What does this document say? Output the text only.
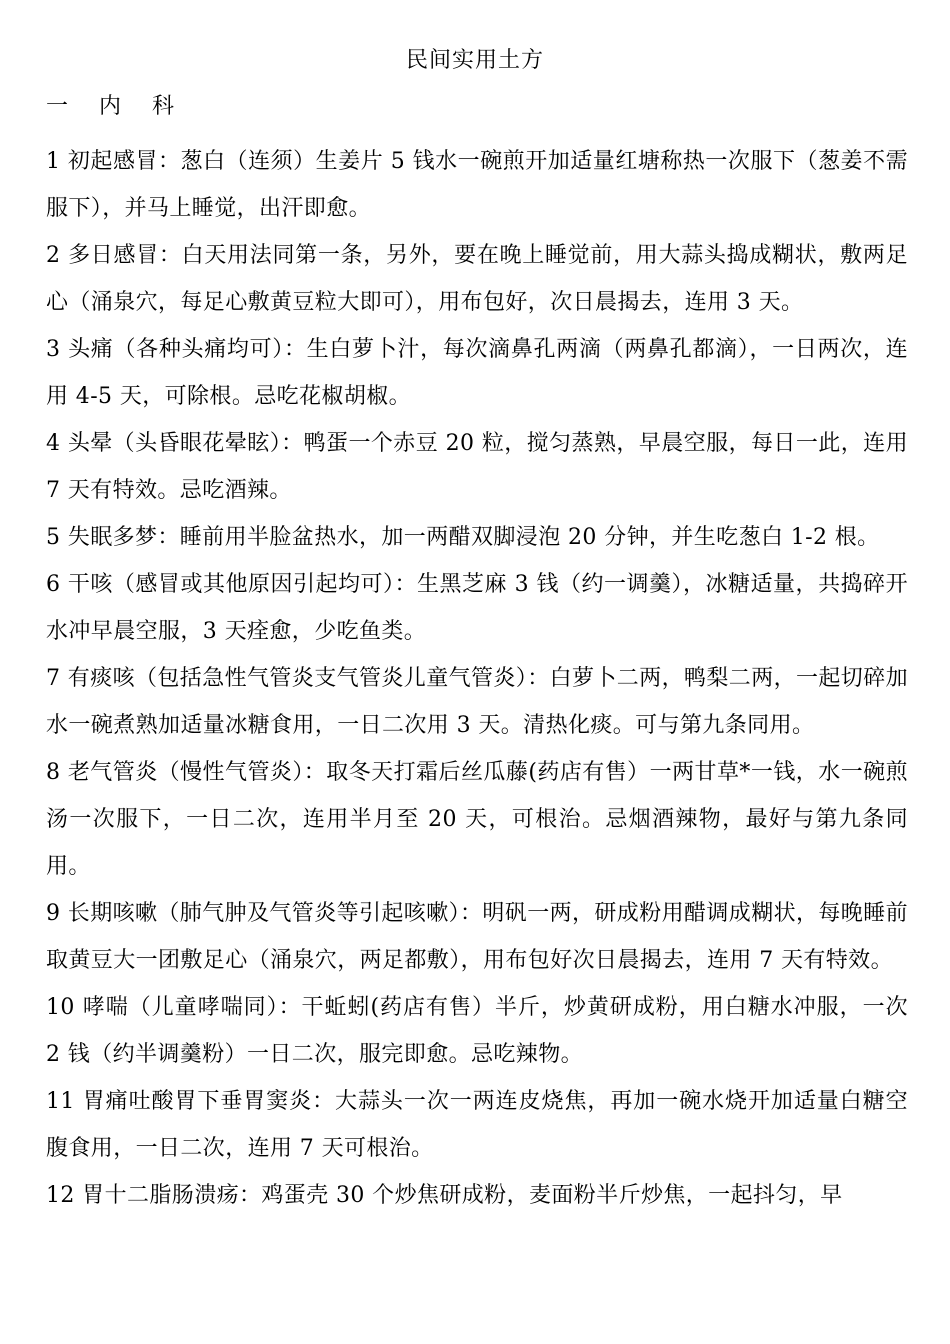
民间实用土方
一 内 科

1 初起感冒：葱白（连须）生姜片 5 钱水一碗煎开加适量红塘称热一次服下（葱姜不需服下），并马上睡觉，出汗即愈。

2 多日感冒：白天用法同第一条，另外，要在晚上睡觉前，用大蒜头捣成糊状，敷两足心（涌泉穴，每足心敷黄豆粒大即可），用布包好，次日晨揭去，连用 3 天。

3 头痛（各种头痛均可）：生白萝卜汁，每次滴鼻孔两滴（两鼻孔都滴），一日两次，连用 4-5 天，可除根。忌吃花椒胡椒。

4 头晕（头昏眼花晕眩）：鸭蛋一个赤豆 20 粒，搅匀蒸熟，早晨空服，每日一此，连用 7 天有特效。忌吃酒辣。

5 失眠多梦：睡前用半脸盆热水，加一两醋双脚浸泡 20 分钟，并生吃葱白 1-2 根。

6 干咳（感冒或其他原因引起均可）：生黑芝麻 3 钱（约一调羹），冰糖适量，共捣碎开水冲早晨空服，3 天痊愈，少吃鱼类。

7 有痰咳（包括急性气管炎支气管炎儿童气管炎）：白萝卜二两，鸭梨二两，一起切碎加水一碗煮熟加适量冰糖食用，一日二次用 3 天。清热化痰。可与第九条同用。

8 老气管炎（慢性气管炎）：取冬天打霜后丝瓜藤(药店有售）一两甘草*一钱，水一碗煎汤一次服下，一日二次，连用半月至 20 天，可根治。忌烟酒辣物，最好与第九条同用。

9 长期咳嗽（肺气肿及气管炎等引起咳嗽）：明矾一两，研成粉用醋调成糊状，每晚睡前取黄豆大一团敷足心（涌泉穴，两足都敷），用布包好次日晨揭去，连用 7 天有特效。

10 哮喘（儿童哮喘同）：干蚯蚓(药店有售）半斤，炒黄研成粉，用白糖水冲服，一次 2 钱（约半调羹粉）一日二次，服完即愈。忌吃辣物。

11 胃痛吐酸胃下垂胃窦炎：大蒜头一次一两连皮烧焦，再加一碗水烧开加适量白糖空腹食用，一日二次，连用 7 天可根治。

12 胃十二脂肠溃疡：鸡蛋壳 30 个炒焦研成粉，麦面粉半斤炒焦，一起抖匀，早
